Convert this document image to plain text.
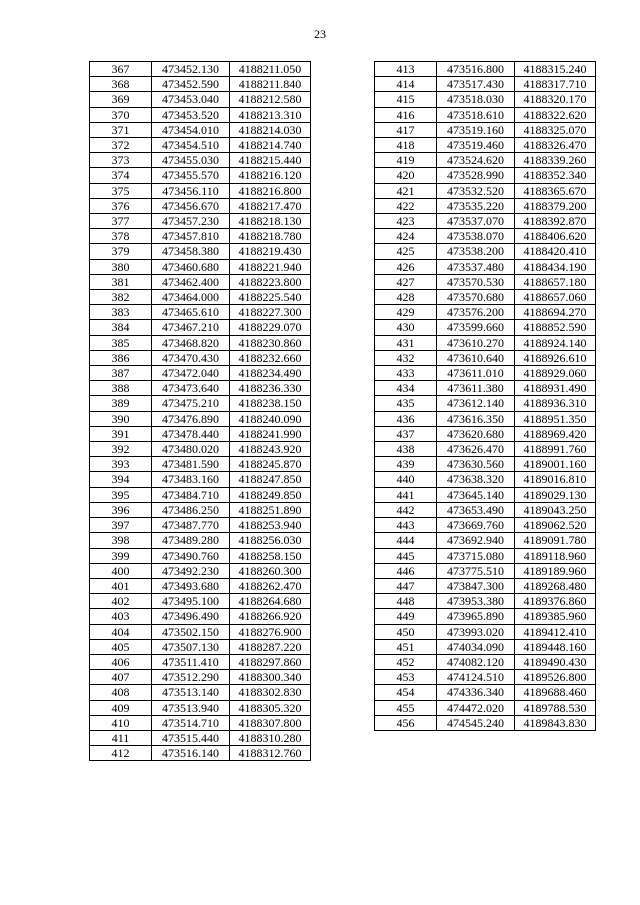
23
367	473452.130	4188211.050
368	473452.590	4188211.840
369	473453.040	4188212.580
370	473453.520	4188213.310
371	473454.010	4188214.030
372	473454.510	4188214.740
373	473455.030	4188215.440
374	473455.570	4188216.120
375	473456.110	4188216.800
376	473456.670	4188217.470
377	473457.230	4188218.130
378	473457.810	4188218.780
379	473458.380	4188219.430
380	473460.680	4188221.940
381	473462.400	4188223.800
382	473464.000	4188225.540
383	473465.610	4188227.300
384	473467.210	4188229.070
385	473468.820	4188230.860
386	473470.430	4188232.660
387	473472.040	4188234.490
388	473473.640	4188236.330
389	473475.210	4188238.150
390	473476.890	4188240.090
391	473478.440	4188241.990
392	473480.020	4188243.920
393	473481.590	4188245.870
394	473483.160	4188247.850
395	473484.710	4188249.850
396	473486.250	4188251.890
397	473487.770	4188253.940
398	473489.280	4188256.030
399	473490.760	4188258.150
400	473492.230	4188260.300
401	473493.680	4188262.470
402	473495.100	4188264.680
403	473496.490	4188266.920
404	473502.150	4188276.900
405	473507.130	4188287.220
406	473511.410	4188297.860
407	473512.290	4188300.340
408	473513.140	4188302.830
409	473513.940	4188305.320
410	473514.710	4188307.800
411	473515.440	4188310.280
412	473516.140	4188312.760
413	473516.800	4188315.240
414	473517.430	4188317.710
415	473518.030	4188320.170
416	473518.610	4188322.620
417	473519.160	4188325.070
418	473519.460	4188326.470
419	473524.620	4188339.260
420	473528.990	4188352.340
421	473532.520	4188365.670
422	473535.220	4188379.200
423	473537.070	4188392.870
424	473538.070	4188406.620
425	473538.200	4188420.410
426	473537.480	4188434.190
427	473570.530	4188657.180
428	473570.680	4188657.060
429	473576.200	4188694.270
430	473599.660	4188852.590
431	473610.270	4188924.140
432	473610.640	4188926.610
433	473611.010	4188929.060
434	473611.380	4188931.490
435	473612.140	4188936.310
436	473616.350	4188951.350
437	473620.680	4188969.420
438	473626.470	4188991.760
439	473630.560	4189001.160
440	473638.320	4189016.810
441	473645.140	4189029.130
442	473653.490	4189043.250
443	473669.760	4189062.520
444	473692.940	4189091.780
445	473715.080	4189118.960
446	473775.510	4189189.960
447	473847.300	4189268.480
448	473953.380	4189376.860
449	473965.890	4189385.960
450	473993.020	4189412.410
451	474034.090	4189448.160
452	474082.120	4189490.430
453	474124.510	4189526.800
454	474336.340	4189688.460
455	474472.020	4189788.530
456	474545.240	4189843.830
